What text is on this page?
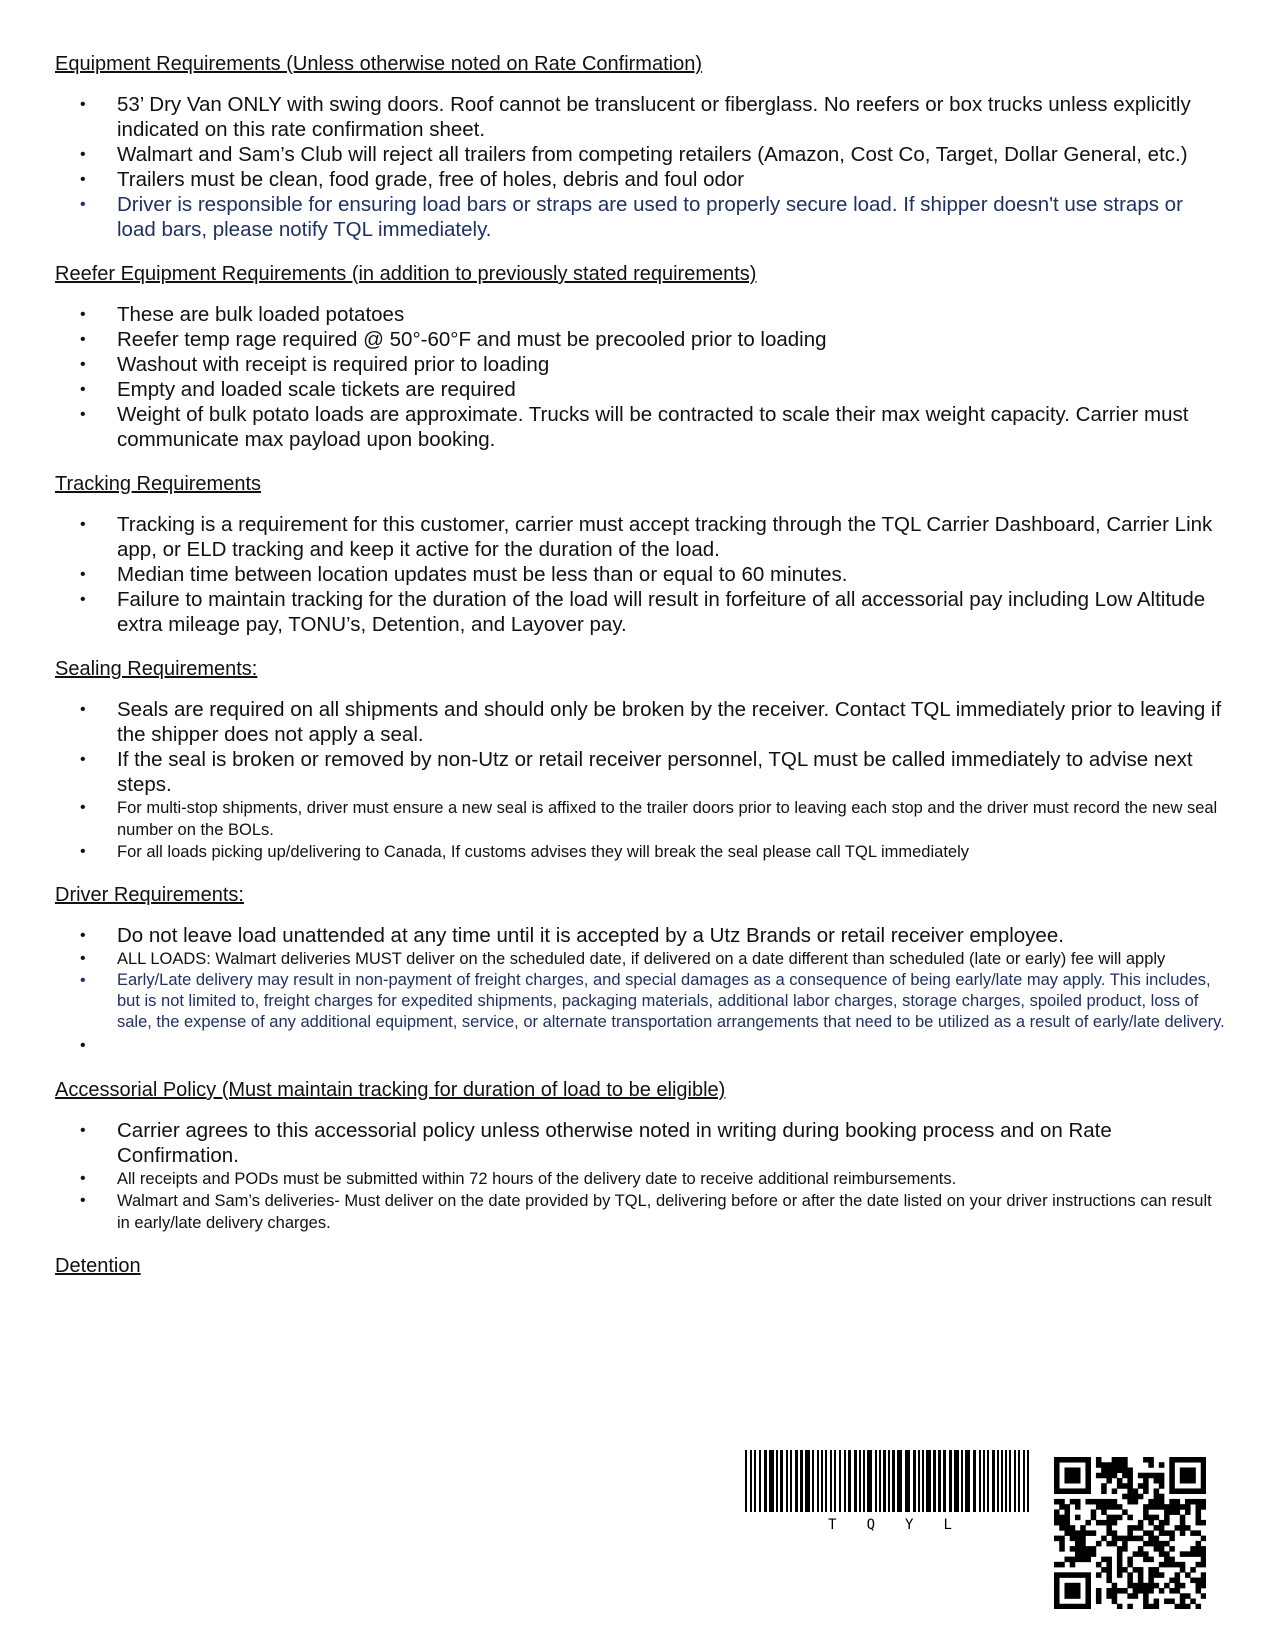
Equipment Requirements (Unless otherwise noted on Rate Confirmation)
• 53’ Dry Van ONLY with swing doors. Roof cannot be translucent or fiberglass. No reefers or box trucks unless explicitly indicated on this rate confirmation sheet.
• Walmart and Sam’s Club will reject all trailers from competing retailers (Amazon, Cost Co, Target, Dollar General, etc.)
• Trailers must be clean, food grade, free of holes, debris and foul odor
• Driver is responsible for ensuring load bars or straps are used to properly secure load. If shipper doesn't use straps or load bars, please notify TQL immediately.
Reefer Equipment Requirements (in addition to previously stated requirements)
• These are bulk loaded potatoes
• Reefer temp rage required @ 50°-60°F and must be precooled prior to loading
• Washout with receipt is required prior to loading
• Empty and loaded scale tickets are required
• Weight of bulk potato loads are approximate. Trucks will be contracted to scale their max weight capacity. Carrier must communicate max payload upon booking.
Tracking Requirements
• Tracking is a requirement for this customer, carrier must accept tracking through the TQL Carrier Dashboard, Carrier Link app, or ELD tracking and keep it active for the duration of the load.
• Median time between location updates must be less than or equal to 60 minutes.
• Failure to maintain tracking for the duration of the load will result in forfeiture of all accessorial pay including Low Altitude extra mileage pay, TONU’s, Detention, and Layover pay.
Sealing Requirements:
• Seals are required on all shipments and should only be broken by the receiver. Contact TQL immediately prior to leaving if the shipper does not apply a seal.
• If the seal is broken or removed by non-Utz or retail receiver personnel, TQL must be called immediately to advise next steps.
• For multi-stop shipments, driver must ensure a new seal is affixed to the trailer doors prior to leaving each stop and the driver must record the new seal number on the BOLs.
• For all loads picking up/delivering to Canada, If customs advises they will break the seal please call TQL immediately
Driver Requirements:
• Do not leave load unattended at any time until it is accepted by a Utz Brands or retail receiver employee.
• ALL LOADS: Walmart deliveries MUST deliver on the scheduled date, if delivered on a date different than scheduled (late or early) fee will apply
• Early/Late delivery may result in non-payment of freight charges, and special damages as a consequence of being early/late may apply. This includes, but is not limited to, freight charges for expedited shipments, packaging materials, additional labor charges, storage charges, spoiled product, loss of sale, the expense of any additional equipment, service, or alternate transportation arrangements that need to be utilized as a result of early/late delivery.
•
Accessorial Policy (Must maintain tracking for duration of load to be eligible)
• Carrier agrees to this accessorial policy unless otherwise noted in writing during booking process and on Rate Confirmation.
• All receipts and PODs must be submitted within 72 hours of the delivery date to receive additional reimbursements.
• Walmart and Sam’s deliveries- Must deliver on the date provided by TQL, delivering before or after the date listed on your driver instructions can result in early/late delivery charges.
Detention
T Q Y L
